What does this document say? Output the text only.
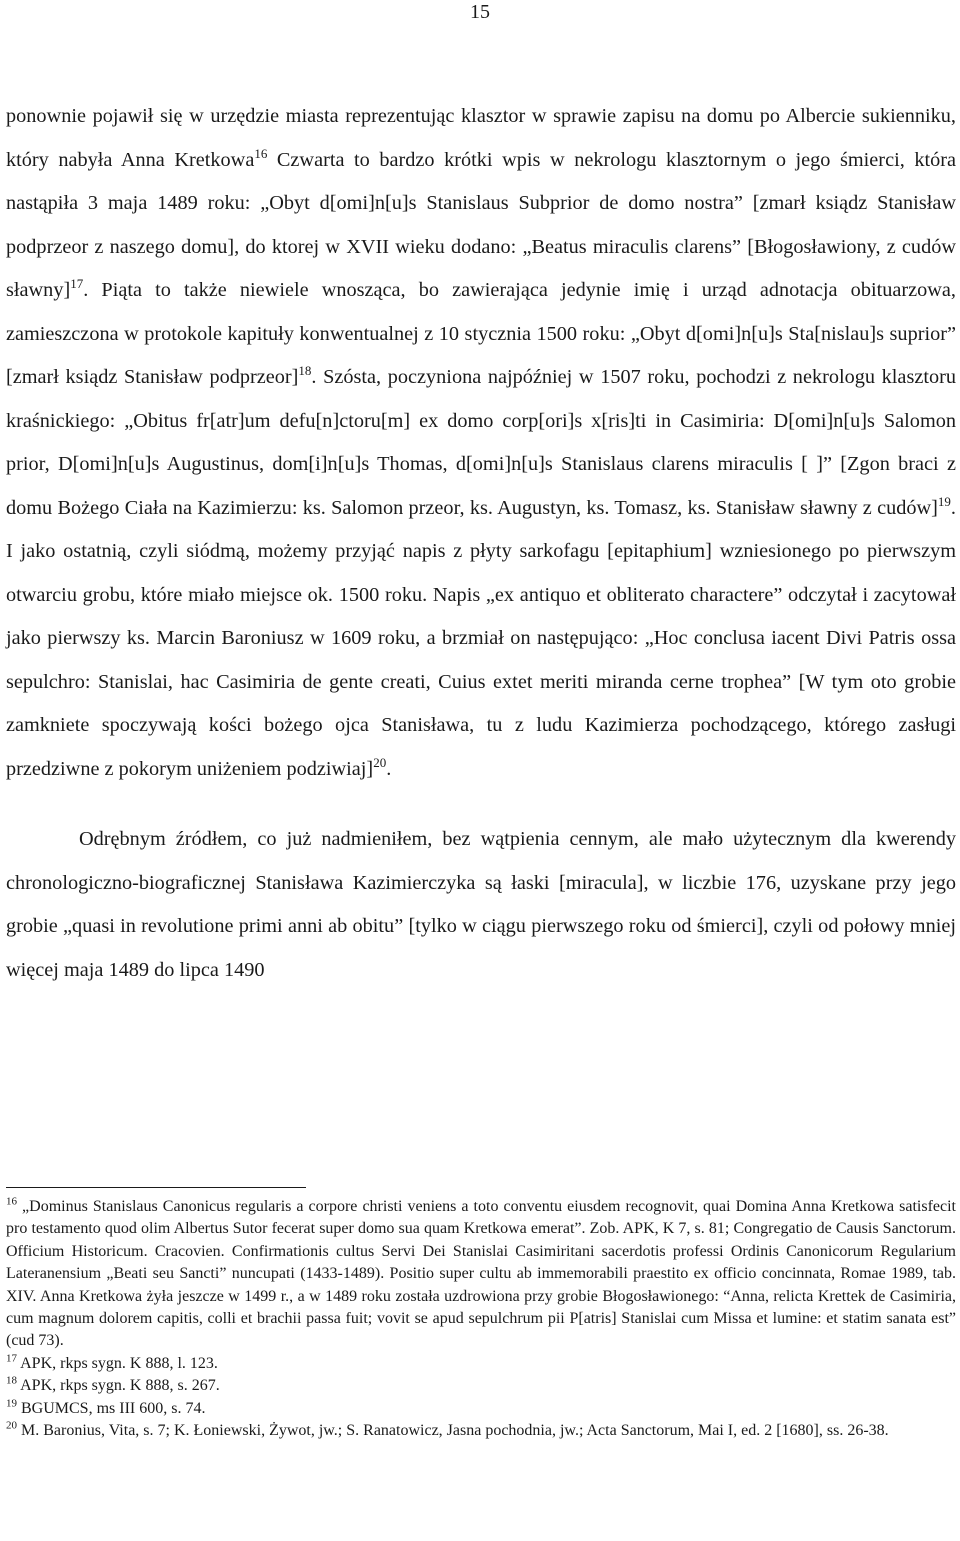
15

ponownie pojawił się w urzędzie miasta reprezentując klasztor w sprawie zapisu na domu po Albercie sukienniku, który nabyła Anna Kretkowa$^{16}$ Czwarta to bardzo krótki wpis w nekrologu klasztornym o jego śmierci, która nastąpiła 3 maja 1489 roku: „Obyt d[omi]n[u]s Stanislaus Subprior de domo nostra” [zmarł ksiądz Stanisław podprzeor z naszego domu], do ktorej w XVII wieku dodano: „Beatus miraculis clarens” [Błogosławiony, z cudów sławny]$^{17}$. Piąta to także niewiele wnosząca, bo zawierająca jedynie imię i urząd adnotacja obituarzowa, zamieszczona w protokole kapituły konwentualnej z 10 stycznia 1500 roku: „Obyt d[omi]n[u]s Sta[nislau]s suprior” [zmarł ksiądz Stanisław podprzeor]$^{18}$. Szósta, poczyniona najpóźniej w 1507 roku, pochodzi z nekrologu klasztoru kraśnickiego: „Obitus fr[atr]um defu[n]ctoru[m] ex domo corp[ori]s x[ris]ti in Casimiria: D[omi]n[u]s Salomon prior, D[omi]n[u]s Augustinus, dom[i]n[u]s Thomas, d[omi]n[u]s Stanislaus clarens miraculis [ ]” [Zgon braci z domu Bożego Ciała na Kazimierzu: ks. Salomon przeor, ks. Augustyn, ks. Tomasz, ks. Stanisław sławny z cudów]$^{19}$. I jako ostatnią, czyli siódmą, możemy przyjąć napis z płyty sarkofagu [epitaphium] wzniesionego po pierwszym otwarciu grobu, które miało miejsce ok. 1500 roku. Napis „ex antiquo et obliterato charactere” odczytał i zacytował jako pierwszy ks. Marcin Baroniusz w 1609 roku, a brzmiał on następująco: „Hoc conclusa iacent Divi Patris ossa sepulchro: Stanislai, hac Casimiria de gente creati, Cuius extet meriti miranda cerne trophea” [W tym oto grobie zamkniete spoczywają kości bożego ojca Stanisława, tu z ludu Kazimierza pochodzącego, którego zasługi przedziwne z pokorym uniżeniem podziwiaj]$^{20}$.

Odrębnym źródłem, co już nadmieniłem, bez wątpienia cennym, ale mało użytecznym dla kwerendy chronologiczno-biograficznej Stanisława Kazimierczyka są łaski [miracula], w liczbie 176, uzyskane przy jego grobie „quasi in revolutione primi anni ab obitu” [tylko w ciągu pierwszego roku od śmierci], czyli od połowy mniej więcej maja 1489 do lipca 1490

$^{16}$ „Dominus Stanislaus Canonicus regularis a corpore christi veniens a toto conventu eiusdem recognovit, quai Domina Anna Kretkowa satisfecit pro testamento quod olim Albertus Sutor fecerat super domo sua quam Kretkowa emerat”. Zob. APK, K 7, s. 81; Congregatio de Causis Sanctorum. Officium Historicum. Cracovien. Confirmationis cultus Servi Dei Stanislai Casimiritani sacerdotis professi Ordinis Canonicorum Regularium Lateranensium „Beati seu Sancti” nuncupati (1433-1489). Positio super cultu ab immemorabili praestito ex officio concinnata, Romae 1989, tab. XIV. Anna Kretkowa żyła jeszcze w 1499 r., a w 1489 roku została uzdrowiona przy grobie Błogosławionego: “Anna, relicta Krettek de Casimiria, cum magnum dolorem capitis, colli et brachii passa fuit; vovit se apud sepulchrum pii P[atris] Stanislai cum Missa et lumine: et statim sanata est” (cud 73).

$^{17}$ APK, rkps sygn. K 888, l. 123.

$^{18}$ APK, rkps sygn. K 888, s. 267.

$^{19}$ BGUMCS, ms III 600, s. 74.

$^{20}$ M. Baronius, Vita, s. 7; K. Łoniewski, Żywot, jw.; S. Ranatowicz, Jasna pochodnia, jw.; Acta Sanctorum, Mai I, ed. 2 [1680], ss. 26-38.
